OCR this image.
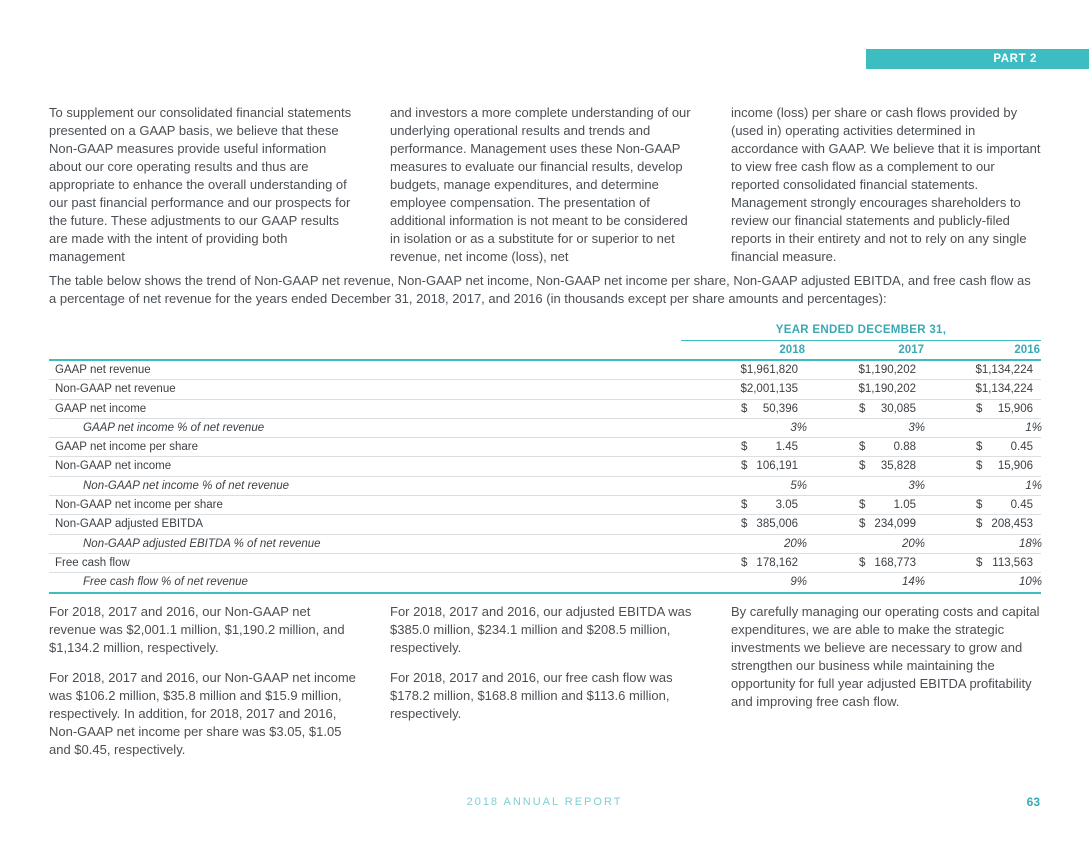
PART 2

To supplement our consolidated financial statements presented on a GAAP basis, we believe that these Non-GAAP measures provide useful information about our core operating results and thus are appropriate to enhance the overall understanding of our past financial performance and our prospects for the future. These adjustments to our GAAP results are made with the intent of providing both management

and investors a more complete understanding of our underlying operational results and trends and performance. Management uses these Non-GAAP measures to evaluate our financial results, develop budgets, manage expenditures, and determine employee compensation. The presentation of additional information is not meant to be considered in isolation or as a substitute for or superior to net revenue, net income (loss), net

income (loss) per share or cash flows provided by (used in) operating activities determined in accordance with GAAP. We believe that it is important to view free cash flow as a complement to our reported consolidated financial statements. Management strongly encourages shareholders to review our financial statements and publicly-filed reports in their entirety and not to rely on any single financial measure.

The table below shows the trend of Non-GAAP net revenue, Non-GAAP net income, Non-GAAP net income per share, Non-GAAP adjusted EBITDA, and free cash flow as a percentage of net revenue for the years ended December 31, 2018, 2017, and 2016 (in thousands except per share amounts and percentages):
YEAR ENDED DECEMBER 31,
2018	2017	2016
GAAP net revenue	$1,961,820	$1,190,202	$1,134,224
Non-GAAP net revenue	$2,001,135	$1,190,202	$1,134,224
GAAP net income	$ 50,396	$ 30,085	$ 15,906
GAAP net income % of net revenue	3%	3%	1%
GAAP net income per share	$ 1.45	$ 0.88	$ 0.45
Non-GAAP net income	$ 106,191	$ 35,828	$ 15,906
Non-GAAP net income % of net revenue	5%	3%	1%
Non-GAAP net income per share	$ 3.05	$ 1.05	$ 0.45
Non-GAAP adjusted EBITDA	$ 385,006	$ 234,099	$ 208,453
Non-GAAP adjusted EBITDA % of net revenue	20%	20%	18%
Free cash flow	$ 178,162	$ 168,773	$ 113,563
Free cash flow % of net revenue	9%	14%	10%

For 2018, 2017 and 2016, our Non-GAAP net revenue was $2,001.1 million, $1,190.2 million, and $1,134.2 million, respectively.

For 2018, 2017 and 2016, our Non-GAAP net income was $106.2 million, $35.8 million and $15.9 million, respectively. In addition, for 2018, 2017 and 2016, Non-GAAP net income per share was $3.05, $1.05 and $0.45, respectively.

For 2018, 2017 and 2016, our adjusted EBITDA was $385.0 million, $234.1 million and $208.5 million, respectively.

For 2018, 2017 and 2016, our free cash flow was $178.2 million, $168.8 million and $113.6 million, respectively.

By carefully managing our operating costs and capital expenditures, we are able to make the strategic investments we believe are necessary to grow and strengthen our business while maintaining the opportunity for full year adjusted EBITDA profitability and improving free cash flow.

2018 ANNUAL REPORT	63
